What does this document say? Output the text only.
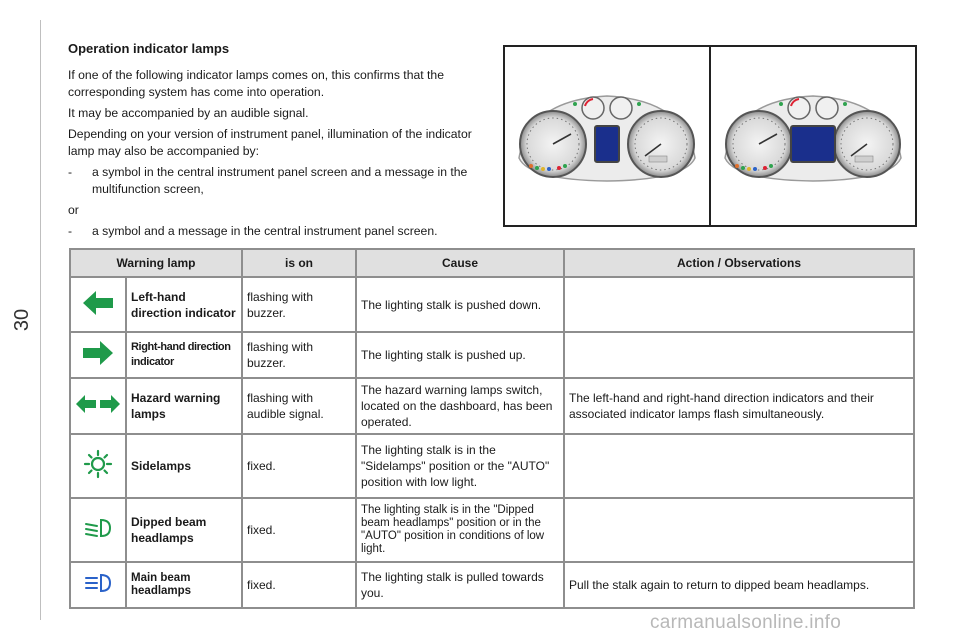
30
Operation indicator lamps

If one of the following indicator lamps comes on, this confirms that the corresponding system has come into operation.

It may be accompanied by an audible signal.

Depending on your version of instrument panel, illumination of the indicator lamp may also be accompanied by:

-	a symbol in the central instrument panel screen and a message in the multifunction screen,

or

-	a symbol and a message in the central instrument panel screen.
Warning lamp		is on	Cause	Action / Observations
	Left-hand direction indicator	flashing with buzzer.	The lighting stalk is pushed down.	
	Right-hand direction indicator	flashing with buzzer.	The lighting stalk is pushed up.	
	Hazard warning lamps	flashing with audible signal.	The hazard warning lamps switch, located on the dashboard, has been operated.	The left-hand and right-hand direction indicators and their associated indicator lamps flash simultaneously.
	Sidelamps	fixed.	The lighting stalk is in the "Sidelamps" position or the "AUTO" position with low light.	
	Dipped beam headlamps	fixed.	The lighting stalk is in the "Dipped beam headlamps" position or in the "AUTO" position in conditions of low light.	
	Main beam headlamps	fixed.	The lighting stalk is pulled towards you.	Pull the stalk again to return to dipped beam headlamps.
carmanualsonline.info
